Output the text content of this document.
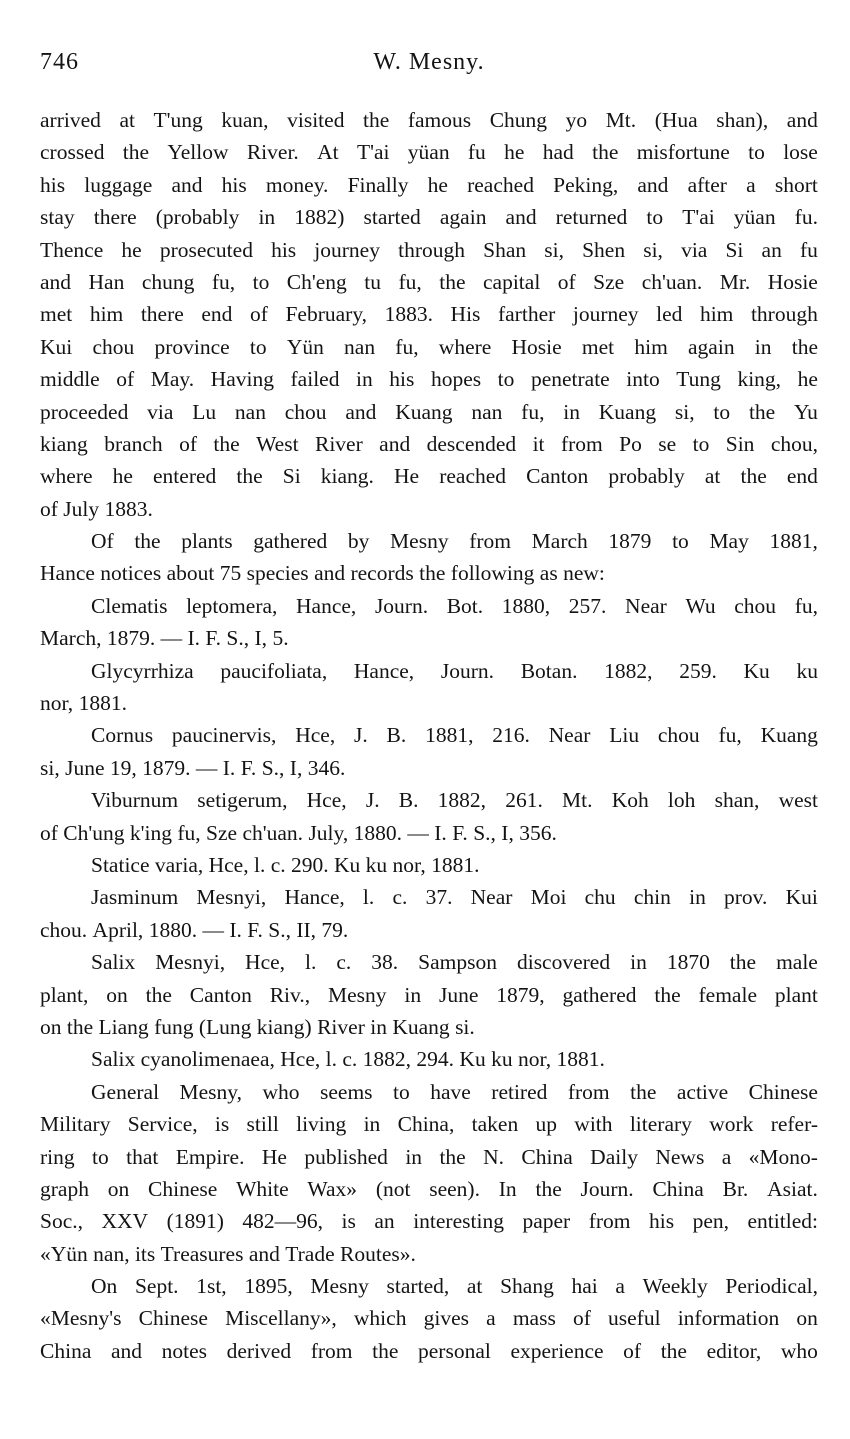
746	W. Mesny.
arrived at T'ung kuan, visited the famous Chung yo Mt. (Hua shan), and
crossed the Yellow River. At T'ai yüan fu he had the misfortune to lose
his luggage and his money. Finally he reached Peking, and after a short
stay there (probably in 1882) started again and returned to T'ai yüan fu.
Thence he prosecuted his journey through Shan si, Shen si, via Si an fu
and Han chung fu, to Ch'eng tu fu, the capital of Sze ch'uan. Mr. Hosie
met him there end of February, 1883. His farther journey led him through
Kui chou province to Yün nan fu, where Hosie met him again in the
middle of May. Having failed in his hopes to penetrate into Tung king, he
proceeded via Lu nan chou and Kuang nan fu, in Kuang si, to the Yu
kiang branch of the West River and descended it from Po se to Sin chou,
where he entered the Si kiang. He reached Canton probably at the end
of July 1883.
Of the plants gathered by Mesny from March 1879 to May 1881,
Hance notices about 75 species and records the following as new:
Clematis leptomera, Hance, Journ. Bot. 1880, 257. Near Wu chou fu,
March, 1879. — I. F. S., I, 5.
Glycyrrhiza paucifoliata, Hance, Journ. Botan. 1882, 259. Ku ku
nor, 1881.
Cornus paucinervis, Hce, J. B. 1881, 216. Near Liu chou fu, Kuang
si, June 19, 1879. — I. F. S., I, 346.
Viburnum setigerum, Hce, J. B. 1882, 261. Mt. Koh loh shan, west
of Ch'ung k'ing fu, Sze ch'uan. July, 1880. — I. F. S., I, 356.
Statice varia, Hce, l. c. 290. Ku ku nor, 1881.
Jasminum Mesnyi, Hance, l. c. 37. Near Moi chu chin in prov. Kui
chou. April, 1880. — I. F. S., II, 79.
Salix Mesnyi, Hce, l. c. 38. Sampson discovered in 1870 the male
plant, on the Canton Riv., Mesny in June 1879, gathered the female plant
on the Liang fung (Lung kiang) River in Kuang si.
Salix cyanolimenaea, Hce, l. c. 1882, 294. Ku ku nor, 1881.
General Mesny, who seems to have retired from the active Chinese
Military Service, is still living in China, taken up with literary work refer-
ring to that Empire. He published in the N. China Daily News a «Mono-
graph on Chinese White Wax» (not seen). In the Journ. China Br. Asiat.
Soc., XXV (1891) 482—96, is an interesting paper from his pen, entitled:
«Yün nan, its Treasures and Trade Routes».
On Sept. 1st, 1895, Mesny started, at Shang hai a Weekly Periodical,
«Mesny's Chinese Miscellany», which gives a mass of useful information on
China and notes derived from the personal experience of the editor, who
